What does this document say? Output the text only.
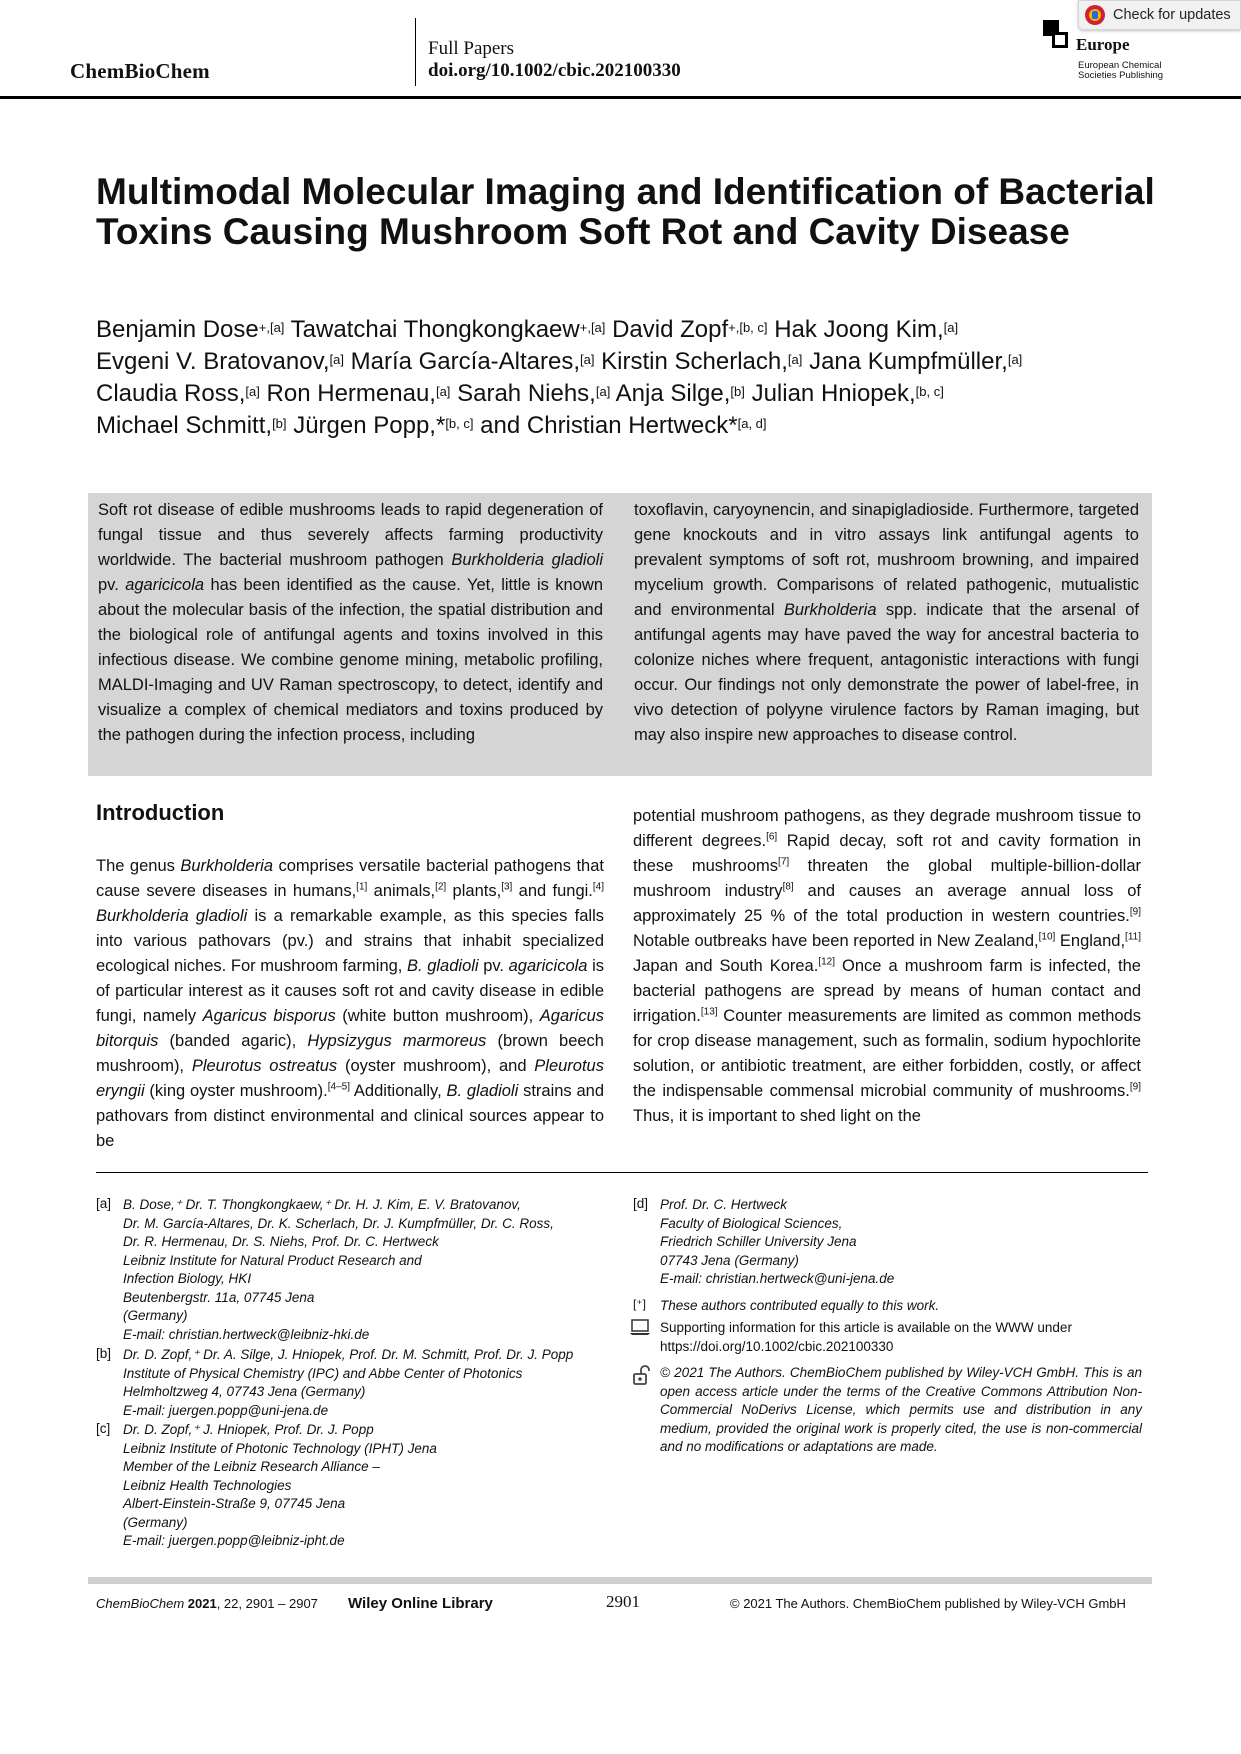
ChemBioChem
Full Papers
doi.org/10.1002/cbic.202100330
Europe
European Chemical
Societies Publishing
Check for updates
Multimodal Molecular Imaging and Identification of Bacterial Toxins Causing Mushroom Soft Rot and Cavity Disease
Benjamin Dose$^{+,[a]}$ Tawatchai Thongkongkaew$^{+,[a]}$ David Zopf$^{+,[b, c]}$ Hak Joong Kim,[a]
Evgeni V. Bratovanov,[a] María García-Altares,[a] Kirstin Scherlach,[a] Jana Kumpfmüller,[a]
Claudia Ross,[a] Ron Hermenau,[a] Sarah Niehs,[a] Anja Silge,[b] Julian Hniopek,[b, c]
Michael Schmitt,[b] Jürgen Popp,*[b, c] and Christian Hertweck*[a, d]
Soft rot disease of edible mushrooms leads to rapid degeneration of fungal tissue and thus severely affects farming productivity worldwide. The bacterial mushroom pathogen Burkholderia gladioli pv. agaricicola has been identified as the cause. Yet, little is known about the molecular basis of the infection, the spatial distribution and the biological role of antifungal agents and toxins involved in this infectious disease. We combine genome mining, metabolic profiling, MALDI-Imaging and UV Raman spectroscopy, to detect, identify and visualize a complex of chemical mediators and toxins produced by the pathogen during the infection process, including
toxoflavin, caryoynencin, and sinapigladioside. Furthermore, targeted gene knockouts and in vitro assays link antifungal agents to prevalent symptoms of soft rot, mushroom browning, and impaired mycelium growth. Comparisons of related pathogenic, mutualistic and environmental Burkholderia spp. indicate that the arsenal of antifungal agents may have paved the way for ancestral bacteria to colonize niches where frequent, antagonistic interactions with fungi occur. Our findings not only demonstrate the power of label-free, in vivo detection of polyyne virulence factors by Raman imaging, but may also inspire new approaches to disease control.
Introduction
The genus Burkholderia comprises versatile bacterial pathogens that cause severe diseases in humans,[1] animals,[2] plants,[3] and fungi.[4] Burkholderia gladioli is a remarkable example, as this species falls into various pathovars (pv.) and strains that inhabit specialized ecological niches. For mushroom farming, B. gladioli pv. agaricicola is of particular interest as it causes soft rot and cavity disease in edible fungi, namely Agaricus bisporus (white button mushroom), Agaricus bitorquis (banded agaric), Hypsizygus marmoreus (brown beech mushroom), Pleurotus ostreatus (oyster mushroom), and Pleurotus eryngii (king oyster mushroom).[4–5] Additionally, B. gladioli strains and pathovars from distinct environmental and clinical sources appear to be
potential mushroom pathogens, as they degrade mushroom tissue to different degrees.[6] Rapid decay, soft rot and cavity formation in these mushrooms[7] threaten the global multiple-billion-dollar mushroom industry[8] and causes an average annual loss of approximately 25 % of the total production in western countries.[9] Notable outbreaks have been reported in New Zealand,[10] England,[11] Japan and South Korea.[12] Once a mushroom farm is infected, the bacterial pathogens are spread by means of human contact and irrigation.[13] Counter measurements are limited as common methods for crop disease management, such as formalin, sodium hypochlorite solution, or antibiotic treatment, are either forbidden, costly, or affect the indispensable commensal microbial community of mushrooms.[9] Thus, it is important to shed light on the
[a] B. Dose,⁺ Dr. T. Thongkongkaew,⁺ Dr. H. J. Kim, E. V. Bratovanov,
Dr. M. García-Altares, Dr. K. Scherlach, Dr. J. Kumpfmüller, Dr. C. Ross,
Dr. R. Hermenau, Dr. S. Niehs, Prof. Dr. C. Hertweck
Leibniz Institute for Natural Product Research and
Infection Biology, HKI
Beutenbergstr. 11a, 07745 Jena
(Germany)
E-mail: christian.hertweck@leibniz-hki.de
[b] Dr. D. Zopf,⁺ Dr. A. Silge, J. Hniopek, Prof. Dr. M. Schmitt, Prof. Dr. J. Popp
Institute of Physical Chemistry (IPC) and Abbe Center of Photonics
Helmholtzweg 4, 07743 Jena (Germany)
E-mail: juergen.popp@uni-jena.de
[c] Dr. D. Zopf,⁺ J. Hniopek, Prof. Dr. J. Popp
Leibniz Institute of Photonic Technology (IPHT) Jena
Member of the Leibniz Research Alliance –
Leibniz Health Technologies
Albert-Einstein-Straße 9, 07745 Jena
(Germany)
E-mail: juergen.popp@leibniz-ipht.de
[d] Prof. Dr. C. Hertweck
Faculty of Biological Sciences,
Friedrich Schiller University Jena
07743 Jena (Germany)
E-mail: christian.hertweck@uni-jena.de
[⁺] These authors contributed equally to this work.
Supporting information for this article is available on the WWW under https://doi.org/10.1002/cbic.202100330
© 2021 The Authors. ChemBioChem published by Wiley-VCH GmbH. This is an open access article under the terms of the Creative Commons Attribution Non-Commercial NoDerivs License, which permits use and distribution in any medium, provided the original work is properly cited, the use is non-commercial and no modifications or adaptations are made.
ChemBioChem 2021, 22, 2901 – 2907 Wiley Online Library	2901	© 2021 The Authors. ChemBioChem published by Wiley-VCH GmbH
